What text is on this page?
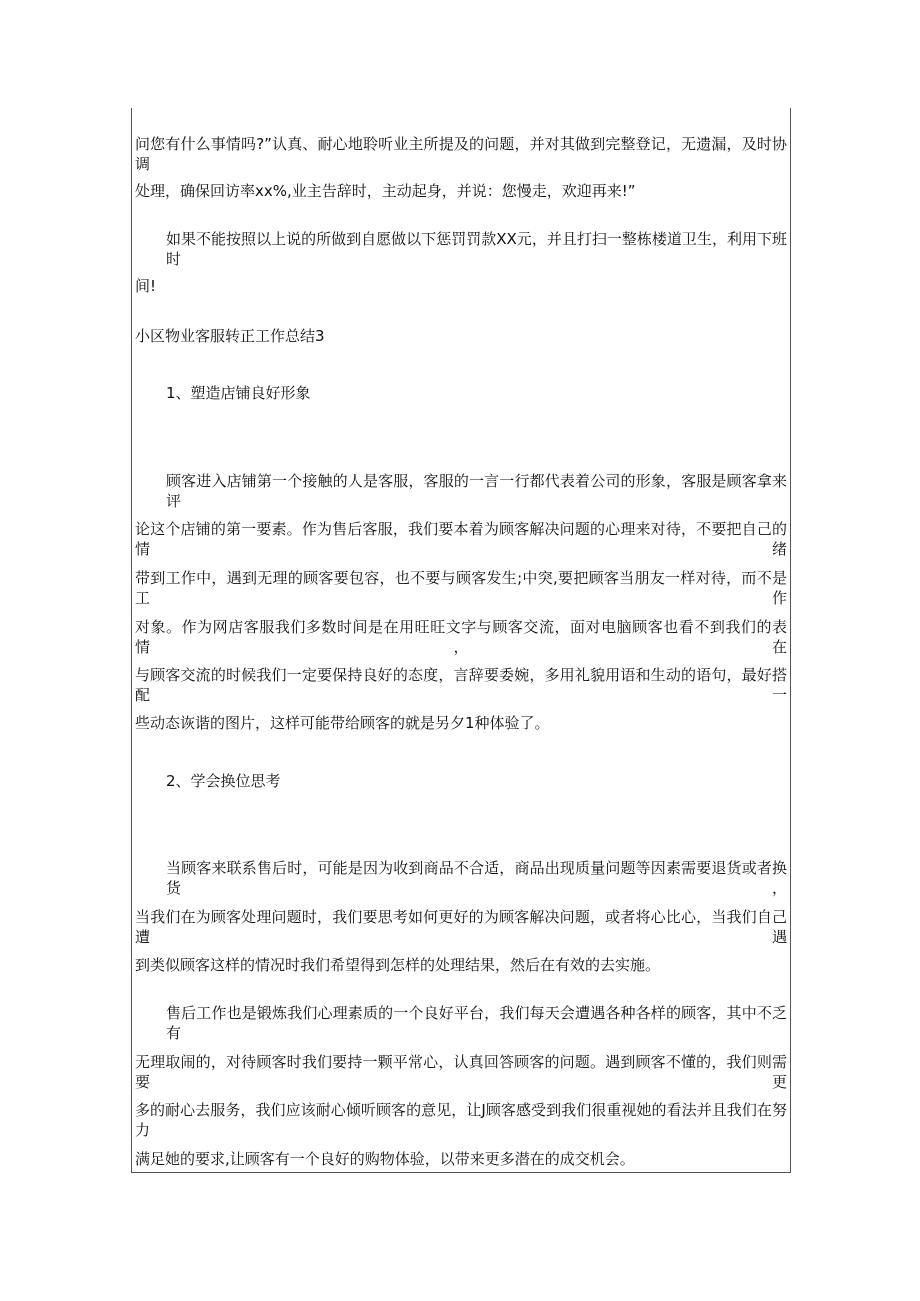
问您有什么事情吗?”认真、耐心地聆听业主所提及的问题，并对其做到完整登记，无遗漏，及时协调
处理，确保回访率xx%,业主告辞时，主动起身，并说：您慢走，欢迎再来!”
如果不能按照以上说的所做到自愿做以下惩罚罚款XX元，并且打扫一整栋楼道卫生，利用下班时
间!
小区物业客服转正工作总结3
1、塑造店铺良好形象
顾客进入店铺第一个接触的人是客服，客服的一言一行都代表着公司的形象，客服是顾客拿来评
论这个店铺的第一要素。作为售后客服，我们要本着为顾客解决问题的心理来对待，不要把自己的情绪
带到工作中，遇到无理的顾客要包容，也不要与顾客发生;中突,要把顾客当朋友一样对待，而不是工作
对象。作为网店客服我们多数时间是在用旺旺文字与顾客交流，面对电脑顾客也看不到我们的表情，在
与顾客交流的时候我们一定要保持良好的态度，言辞要委婉，多用礼貌用语和生动的语句，最好搭配一
些动态诙谐的图片，这样可能带给顾客的就是另夕1种体验了。
2、学会换位思考
当顾客来联系售后时，可能是因为收到商品不合适，商品出现质量问题等因素需要退货或者换货，
当我们在为顾客处理问题时，我们要思考如何更好的为顾客解决问题，或者将心比心，当我们自己遭遇
到类似顾客这样的情况时我们希望得到怎样的处理结果，然后在有效的去实施。
售后工作也是锻炼我们心理素质的一个良好平台，我们每天会遭遇各种各样的顾客，其中不乏有
无理取闹的，对待顾客时我们要持一颗平常心，认真回答顾客的问题。遇到顾客不懂的，我们则需要更
多的耐心去服务，我们应该耐心倾听顾客的意见，让J顾客感受到我们很重视她的看法并且我们在努力
满足她的要求,让顾客有一个良好的购物体验，以带来更多潜在的成交机会。
